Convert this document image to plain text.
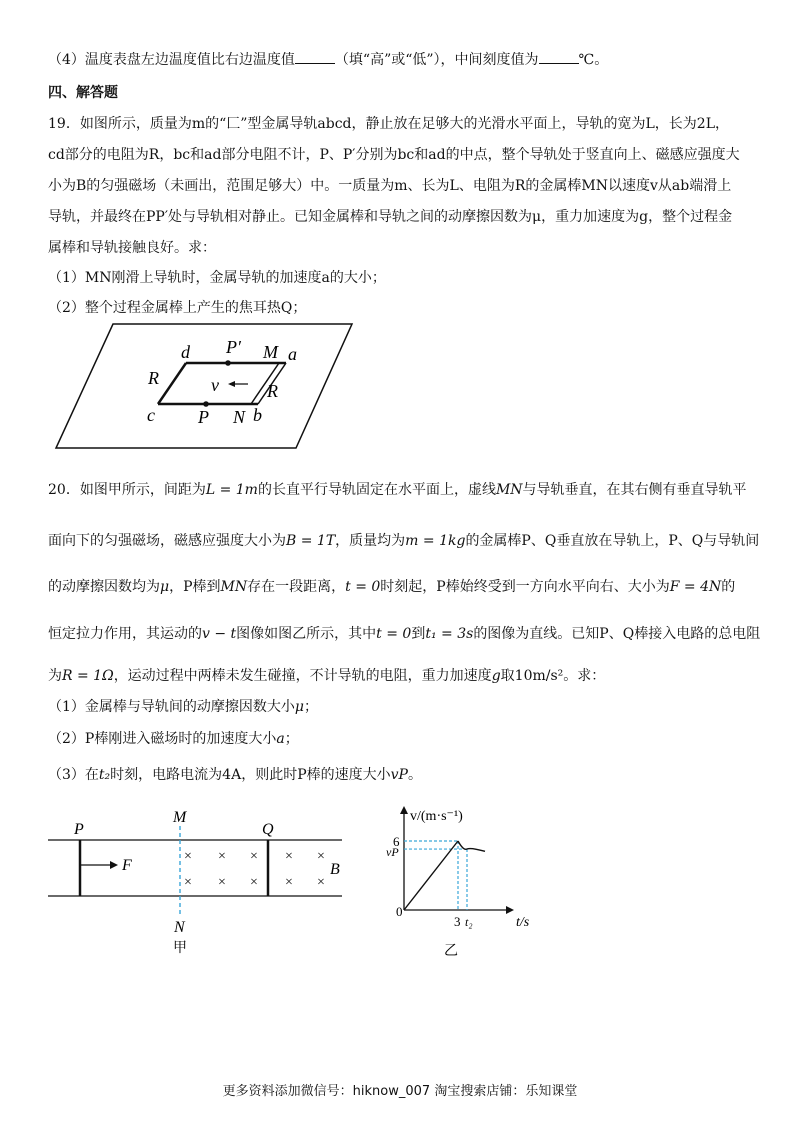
（4）温度表盘左边温度值比右边温度值	（填“高”或“低”），中间刻度值为	℃。
四、解答题
19．如图所示，质量为m的“匚”型金属导轨abcd，静止放在足够大的光滑水平面上，导轨的宽为L，长为2L，
cd部分的电阻为R，bc和ad部分电阻不计，P、P′分别为bc和ad的中点，整个导轨处于竖直向上、磁感应强度大
小为B的匀强磁场（未画出，范围足够大）中。一质量为m、长为L、电阻为R的金属棒MN以速度v从ab端滑上
导轨，并最终在PP′处与导轨相对静止。已知金属棒和导轨之间的动摩擦因数为μ，重力加速度为g，整个过程金
属棒和导轨接触良好。求：
（1）MN刚滑上导轨时，金属导轨的加速度a的大小；
（2）整个过程金属棒上产生的焦耳热Q；
d P′ M a
R	v	R
c P N b
20．如图甲所示，间距为L = 1m的长直平行导轨固定在水平面上，虚线MN与导轨垂直，在其右侧有垂直导轨平
面向下的匀强磁场，磁感应强度大小为B = 1T，质量均为m = 1kg的金属棒P、Q垂直放在导轨上，P、Q与导轨间
的动摩擦因数均为μ，P棒到MN存在一段距离，t = 0时刻起，P棒始终受到一方向水平向右、大小为F = 4N的
恒定拉力作用，其运动的v − t图像如图乙所示，其中t = 0到t₁ = 3s的图像为直线。已知P、Q棒接入电路的总电阻
为R = 1Ω，运动过程中两棒未发生碰撞，不计导轨的电阻，重力加速度g取10m/s²。求：
（1）金属棒与导轨间的动摩擦因数大小μ；
（2）P棒刚进入磁场时的加速度大小a；
（3）在t₂时刻，电路电流为4A，则此时P棒的速度大小vP。
× × × × ×
× × × × ×
P
M
Q
F	B
N
甲
v/(m·s⁻¹)
t/s
0
6
vP
3 t₂
乙
更多资料添加微信号：hiknow_007 淘宝搜索店铺：乐知课堂
